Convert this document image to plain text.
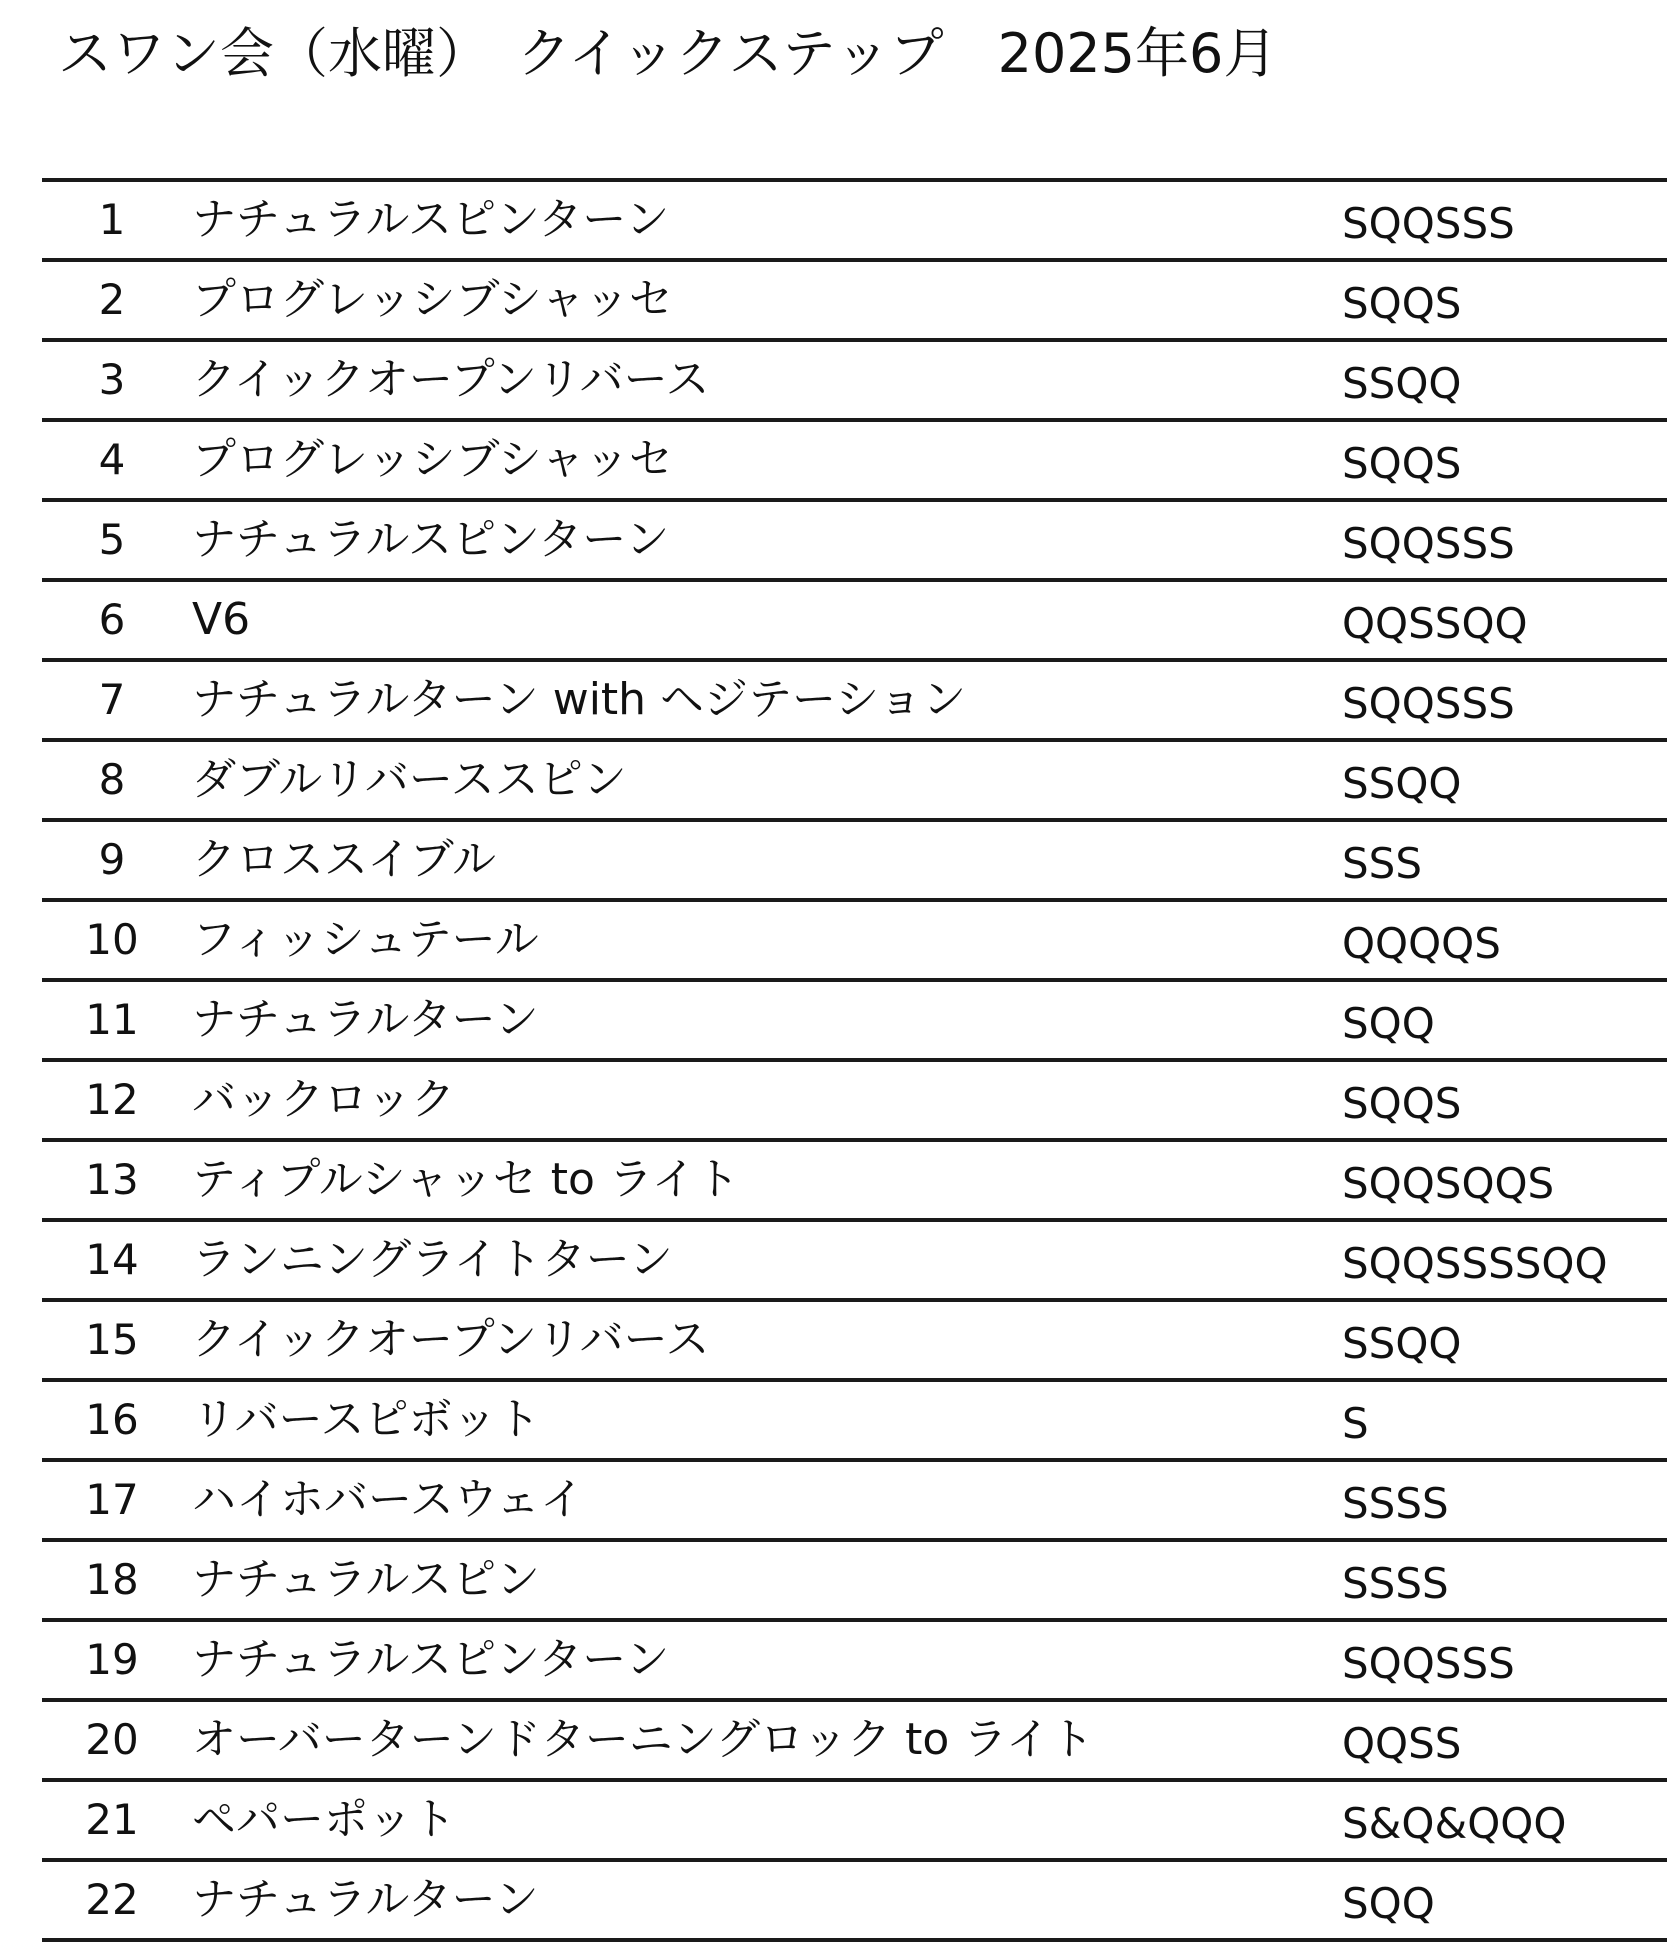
スワン会（水曜）　クイックステップ　2025年6月
1	ナチュラルスピンターン	SQQSSS
2	プログレッシブシャッセ	SQQS
3	クイックオープンリバース	SSQQ
4	プログレッシブシャッセ	SQQS
5	ナチュラルスピンターン	SQQSSS
6	V6	QQSSQQ
7	ナチュラルターン with ヘジテーション	SQQSSS
8	ダブルリバーススピン	SSQQ
9	クロススイブル	SSS
10	フィッシュテール	QQQQS
11	ナチュラルターン	SQQ
12	バックロック	SQQS
13	ティプルシャッセ to ライト	SQQSQQS
14	ランニングライトターン	SQQSSSSQQ
15	クイックオープンリバース	SSQQ
16	リバースピボット	S
17	ハイホバースウェイ	SSSS
18	ナチュラルスピン	SSSS
19	ナチュラルスピンターン	SQQSSS
20	オーバーターンドターニングロック to ライト	QQSS
21	ペパーポット	S&Q&QQQ
22	ナチュラルターン	SQQ
